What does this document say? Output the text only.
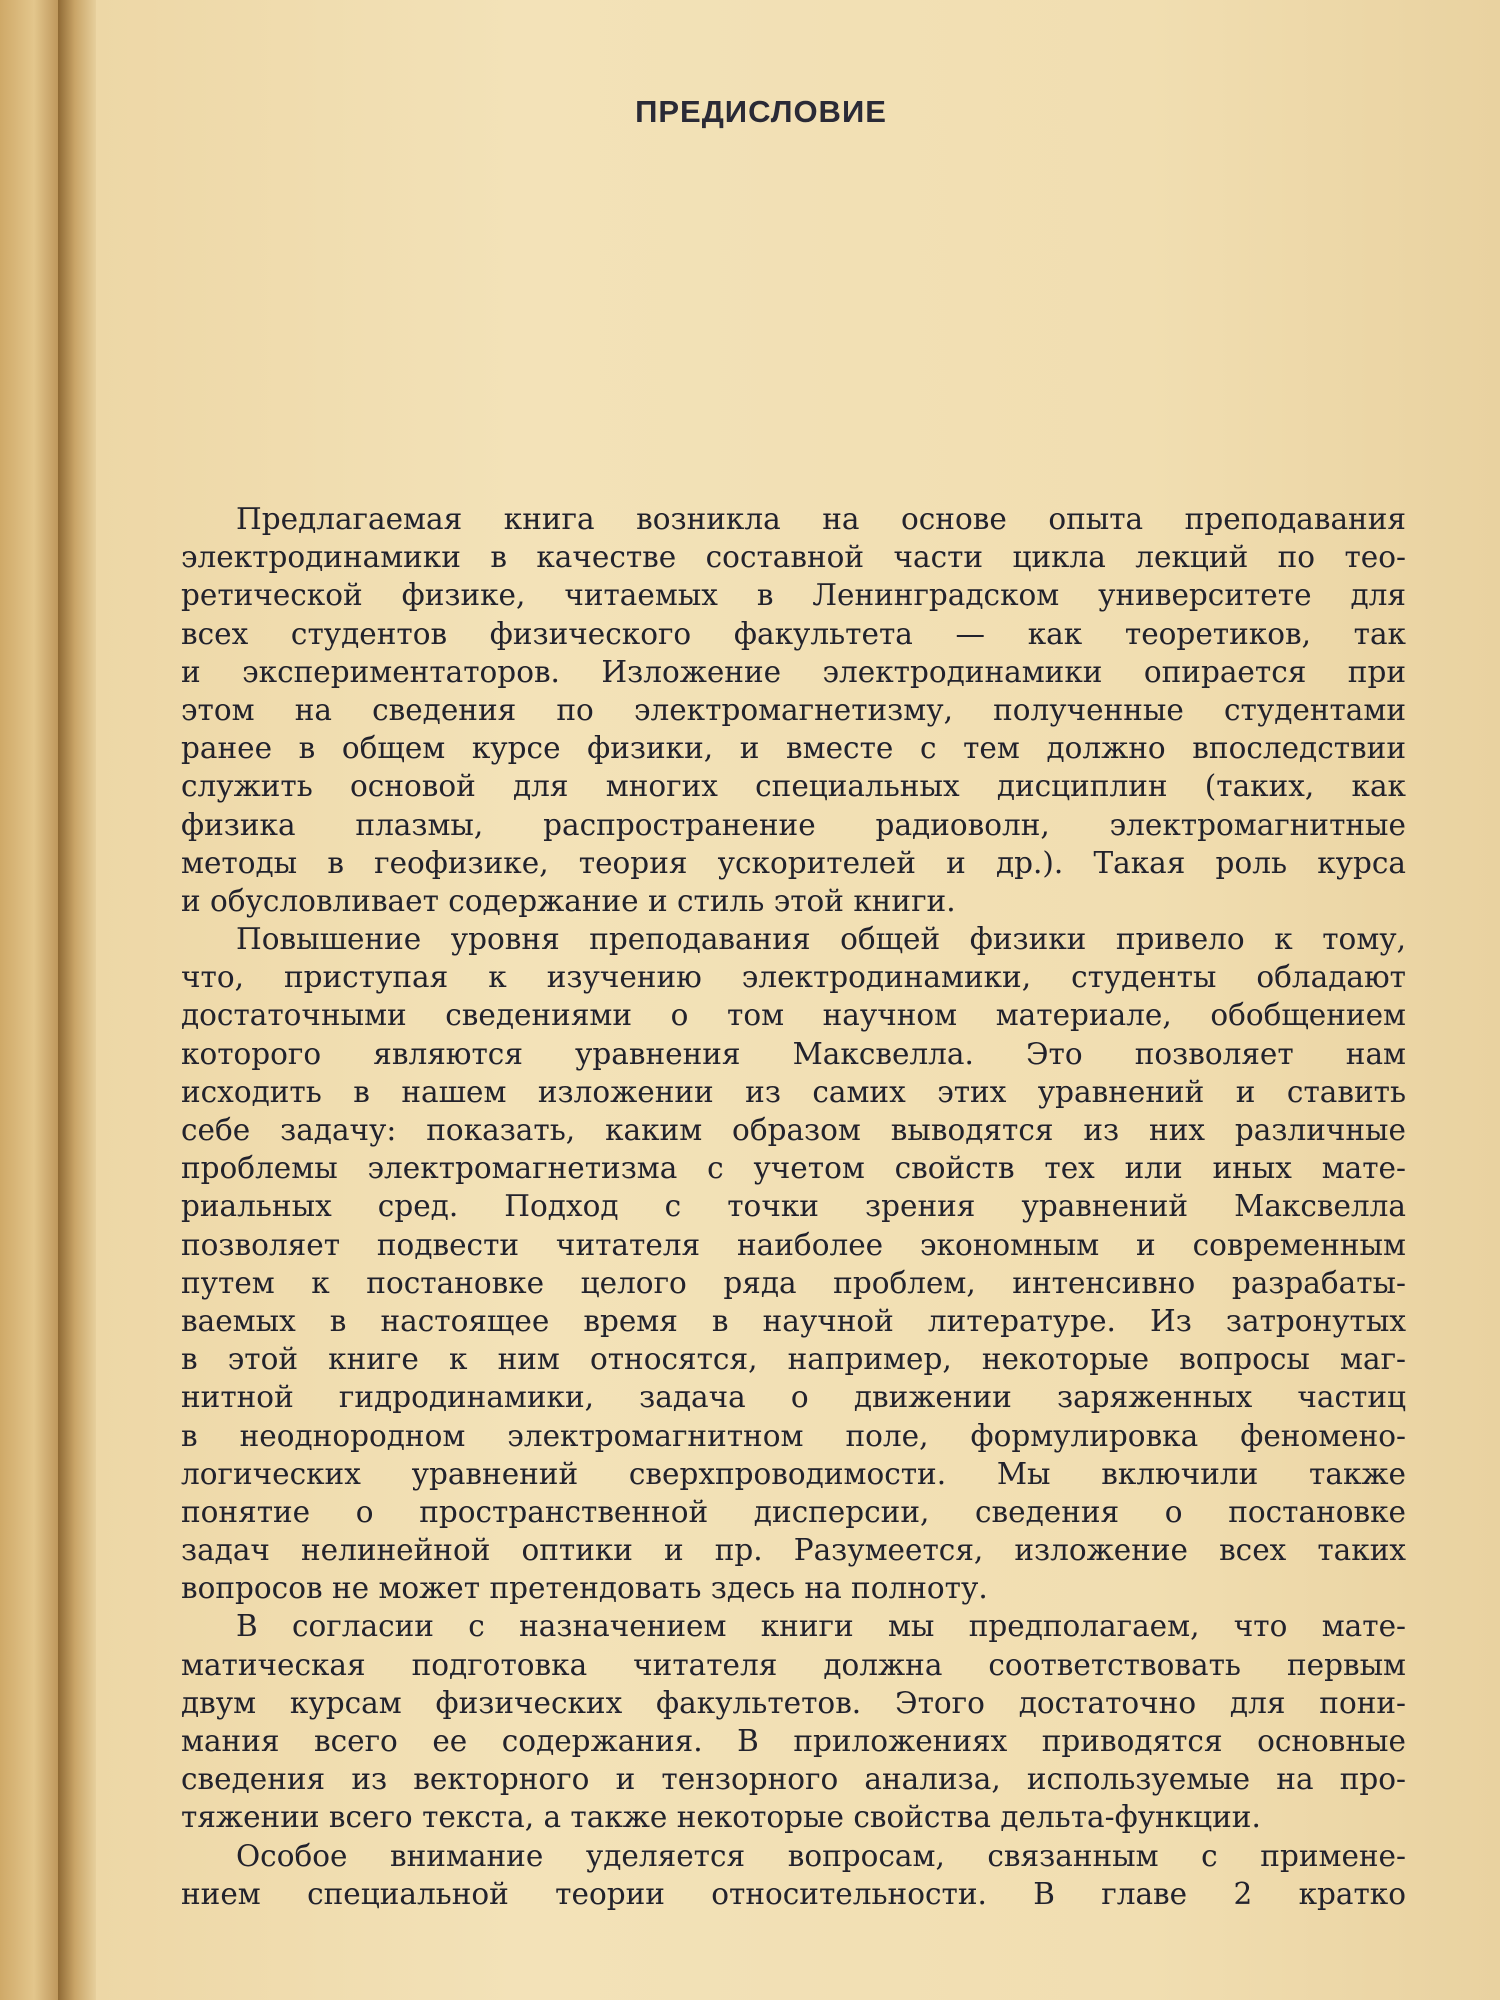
ПРЕДИСЛОВИЕ
Предлагаемая книга возникла на основе опыта преподавания
электродинамики в качестве составной части цикла лекций по тео-
ретической физике, читаемых в Ленинградском университете для
всех студентов физического факультета — как теоретиков, так
и экспериментаторов. Изложение электродинамики опирается при
этом на сведения по электромагнетизму, полученные студентами
ранее в общем курсе физики, и вместе с тем должно впоследствии
служить основой для многих специальных дисциплин (таких, как
физика плазмы, распространение радиоволн, электромагнитные
методы в геофизике, теория ускорителей и др.). Такая роль курса
и обусловливает содержание и стиль этой книги.
Повышение уровня преподавания общей физики привело к тому,
что, приступая к изучению электродинамики, студенты обладают
достаточными сведениями о том научном материале, обобщением
которого являются уравнения Максвелла. Это позволяет нам
исходить в нашем изложении из самих этих уравнений и ставить
себе задачу: показать, каким образом выводятся из них различные
проблемы электромагнетизма с учетом свойств тех или иных мате-
риальных сред. Подход с точки зрения уравнений Максвелла
позволяет подвести читателя наиболее экономным и современным
путем к постановке целого ряда проблем, интенсивно разрабаты-
ваемых в настоящее время в научной литературе. Из затронутых
в этой книге к ним относятся, например, некоторые вопросы маг-
нитной гидродинамики, задача о движении заряженных частиц
в неоднородном электромагнитном поле, формулировка феномено-
логических уравнений сверхпроводимости. Мы включили также
понятие о пространственной дисперсии, сведения о постановке
задач нелинейной оптики и пр. Разумеется, изложение всех таких
вопросов не может претендовать здесь на полноту.
В согласии с назначением книги мы предполагаем, что мате-
матическая подготовка читателя должна соответствовать первым
двум курсам физических факультетов. Этого достаточно для пони-
мания всего ее содержания. В приложениях приводятся основные
сведения из векторного и тензорного анализа, используемые на про-
тяжении всего текста, а также некоторые свойства дельта-функции.
Особое внимание уделяется вопросам, связанным с примене-
нием специальной теории относительности. В главе 2 кратко
